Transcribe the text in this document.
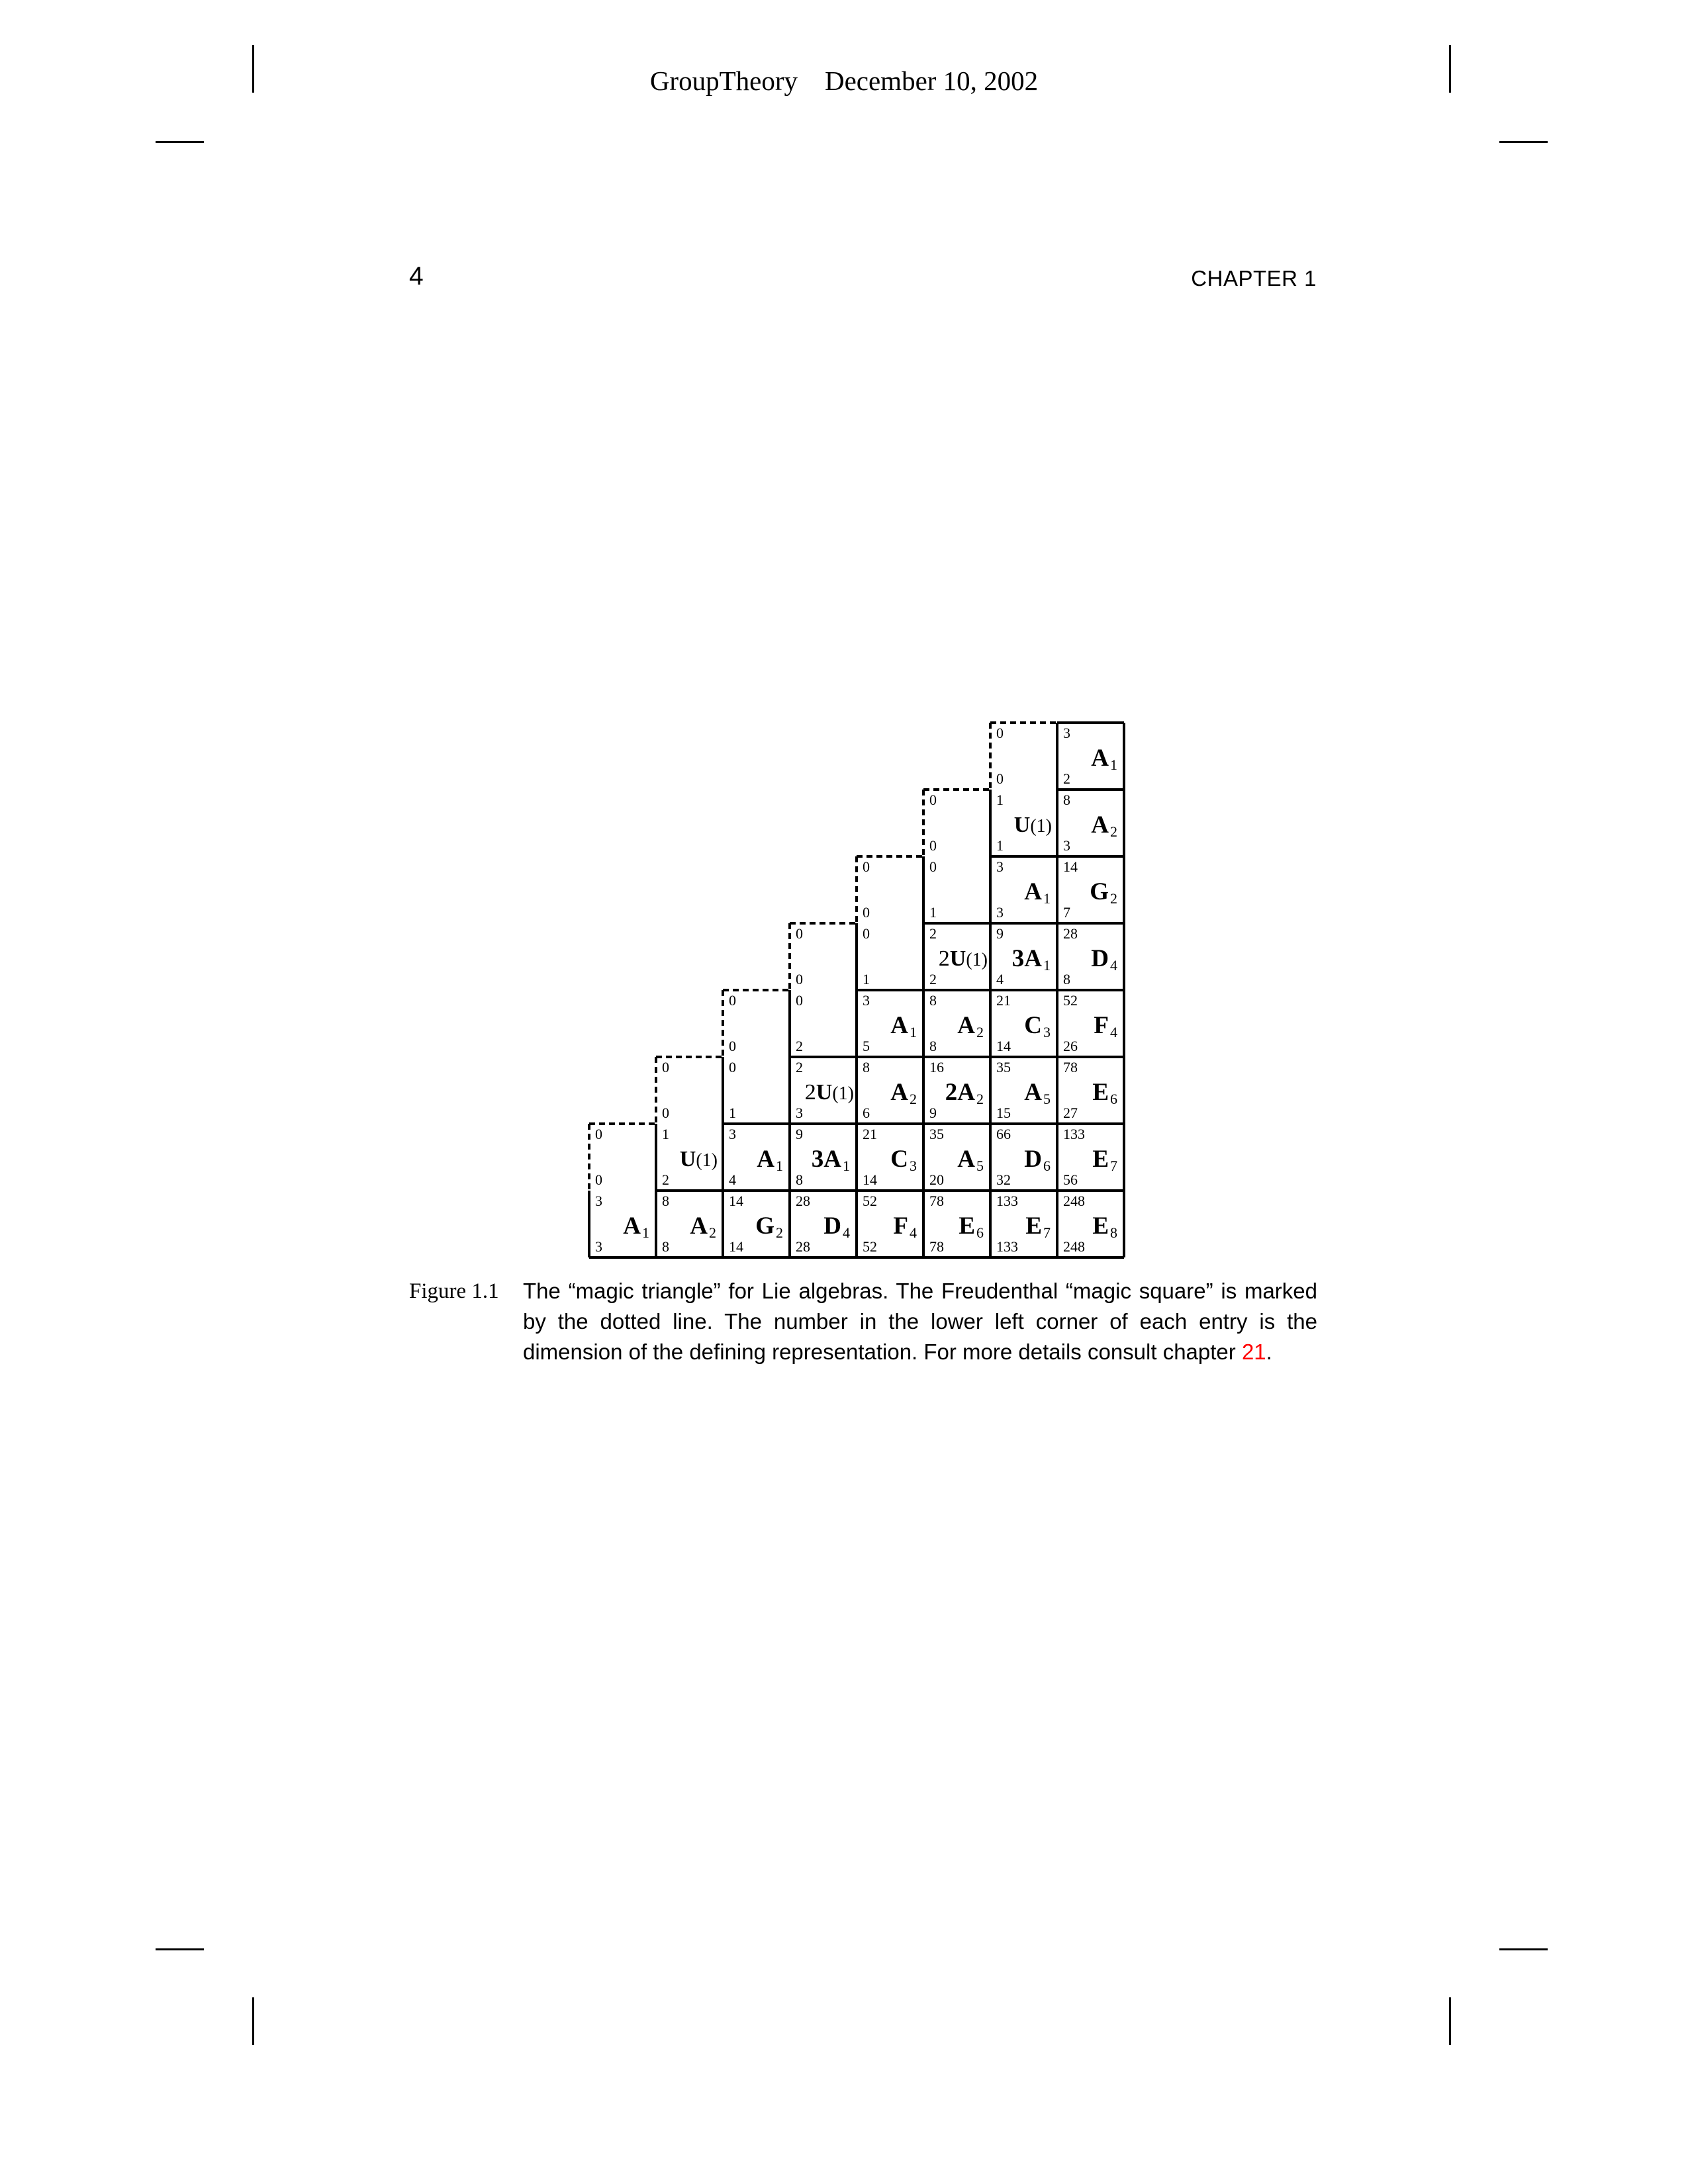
GroupTheory    December 10, 2002
4	CHAPTER 1
0
0
3
2
$A_1$
0
0
1
1
U(1)
8
3
$A_2$
0
0
0
1
3
3
$A_1$
14
7
$G_2$
0
0
0
1
2
2
2U(1)
9
4
$3A_1$
28
8
$D_4$
0
0
0
2
3
5
$A_1$
8
8
$A_2$
21
14
$C_3$
52
26
$F_4$
0
0
0
1
2
3
2U(1)
8
6
$A_2$
16
9
$2A_2$
35
15
$A_5$
78
27
$E_6$
0
0
1
2
U(1)
3
4
$A_1$
9
8
$3A_1$
21
14
$C_3$
35
20
$A_5$
66
32
$D_6$
133
56
$E_7$
3
3
$A_1$
8
8
$A_2$
14
14
$G_2$
28
28
$D_4$
52
52
$F_4$
78
78
$E_6$
133
133
$E_7$
248
248
$E_8$
Figure 1.1 The “magic triangle” for Lie algebras. The Freudenthal “magic square” is marked by the dotted line. The number in the lower left corner of each entry is the dimension of the defining representation. For more details consult chapter 21.
